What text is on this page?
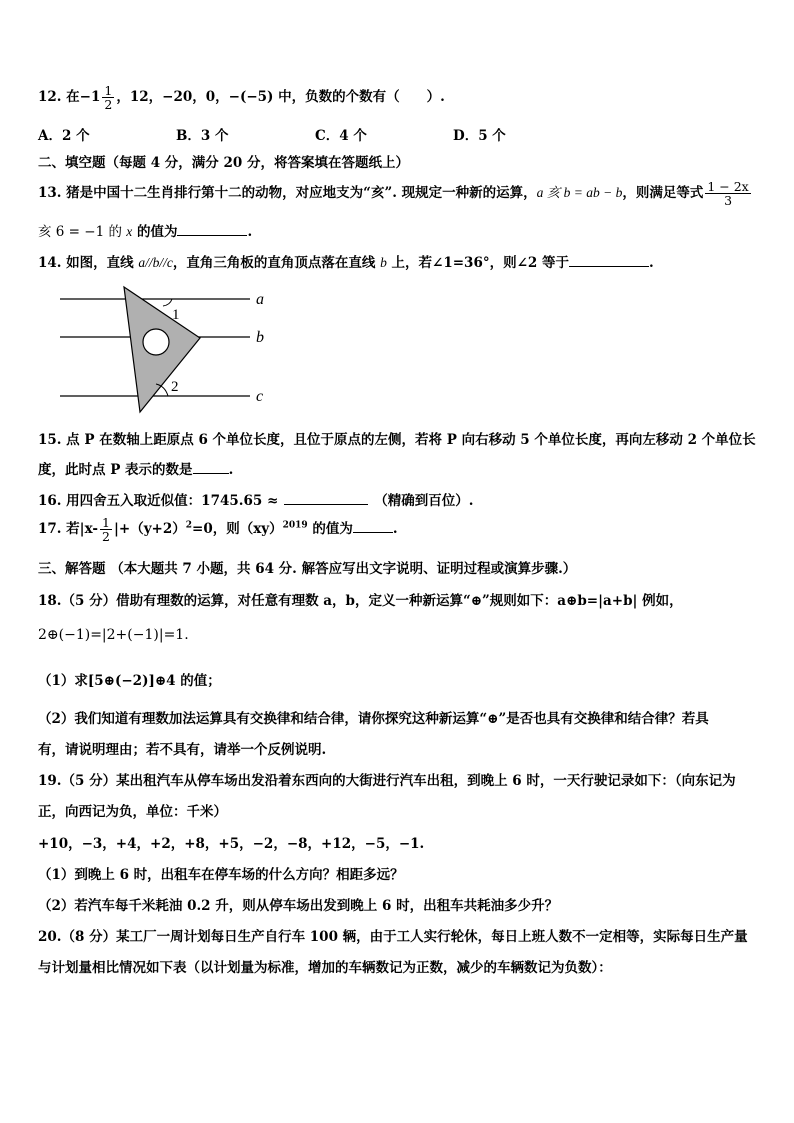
12. 在$-1 \frac{1}{2}$ ，12，−20，0，−(−5) 中，负数的个数有（　　）.
A．2 个	B．3 个	C．4 个	D．5 个
二、填空题（每题 4 分，满分 20 分，将答案填在答题纸上）
13. 猪是中国十二生肖排行第十二的动物，对应地支为“亥”. 现规定一种新的运算，a 亥 b = ab − b，则满足等式 $\frac{1 - 2x}{3}$
亥 6 = −1 的 x 的值为	.
14. 如图，直线 a//b//c，直角三角板的直角顶点落在直线 b 上，若∠1=36°，则∠2 等于	.
a
b
c
1
2
15. 点 P 在数轴上距原点 6 个单位长度，且位于原点的左侧，若将 P 向右移动 5 个单位长度，再向左移动 2 个单位长
度，此时点 P 表示的数是	.
16. 用四舍五入取近似值：1745.65 ≈	（精确到百位）.
17. 若$|x- \frac{1}{2} |+(y+2)^2=0$，则（xy）$^{2019}$ 的值为	.
三、解答题 （本大题共 7 小题，共 64 分. 解答应写出文字说明、证明过程或演算步骤.）
18.（5 分）借助有理数的运算，对任意有理数 a，b，定义一种新运算“⊕”规则如下：a⊕b=|a+b| 例如，
2⊕(−1)=|2+(−1)|=1.
（1）求[5⊕(−2)]⊕4 的值；
（2）我们知道有理数加法运算具有交换律和结合律，请你探究这种新运算“⊕”是否也具有交换律和结合律？若具
有，请说明理由；若不具有，请举一个反例说明.
19.（5 分）某出租汽车从停车场出发沿着东西向的大街进行汽车出租，到晚上 6 时，一天行驶记录如下：（向东记为
正，向西记为负，单位：千米）
+10，−3，+4，+2，+8，+5，−2，−8，+12，−5，−1.
（1）到晚上 6 时，出租车在停车场的什么方向？相距多远？
（2）若汽车每千米耗油 0.2 升，则从停车场出发到晚上 6 时，出租车共耗油多少升？
20.（8 分）某工厂一周计划每日生产自行车 100 辆，由于工人实行轮休，每日上班人数不一定相等，实际每日生产量
与计划量相比情况如下表（以计划量为标准，增加的车辆数记为正数，减少的车辆数记为负数）：
